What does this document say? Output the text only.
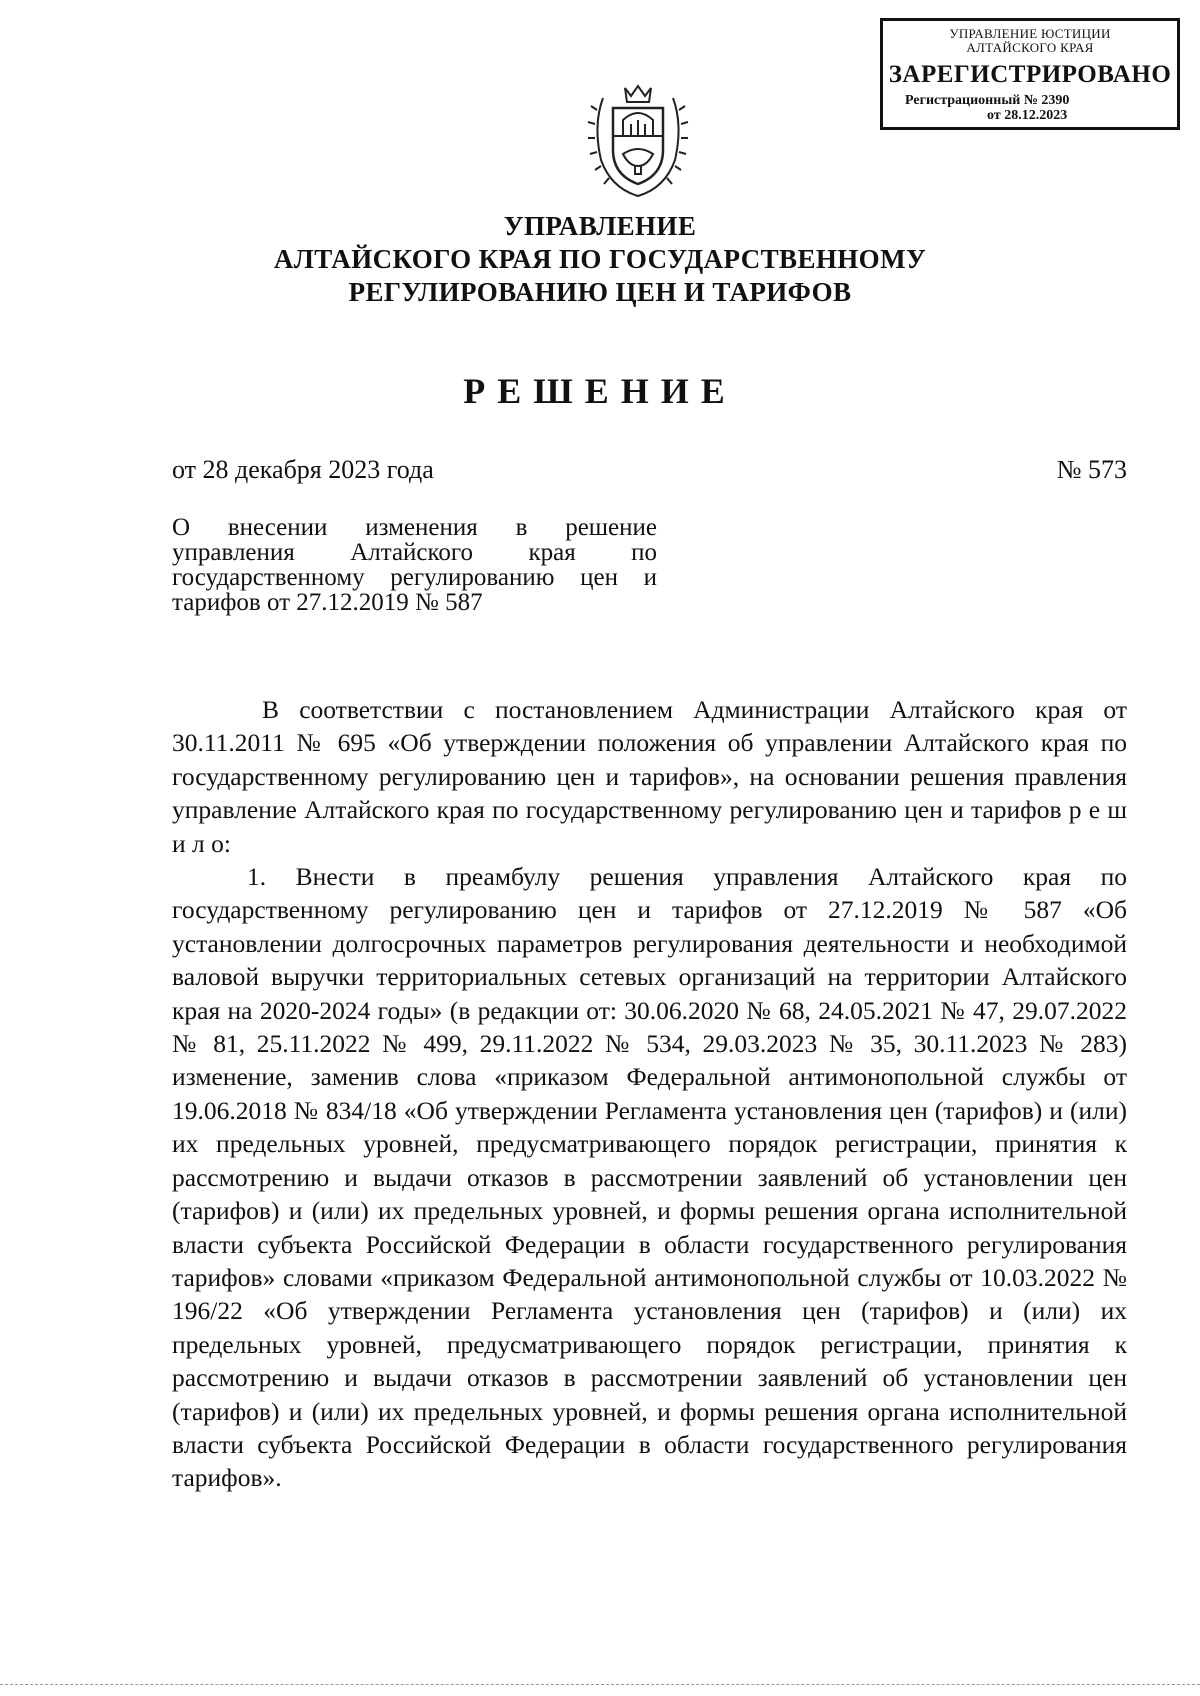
УПРАВЛЕНИЕ ЮСТИЦИИ
АЛТАЙСКОГО КРАЯ
ЗАРЕГИСТРИРОВАНО
Регистрационный № 2390
от 28.12.2023
УПРАВЛЕНИЕ
АЛТАЙСКОГО КРАЯ ПО ГОСУДАРСТВЕННОМУ
РЕГУЛИРОВАНИЮ ЦЕН И ТАРИФОВ
РЕШЕНИЕ
от 28 декабря 2023 года	№ 573
О внесении изменения в решение управления Алтайского края по государственному регулированию цен и тарифов от 27.12.2019 № 587

В соответствии с постановлением Администрации Алтайского края от 30.11.2011 № 695 «Об утверждении положения об управлении Алтайского края по государственному регулированию цен и тарифов», на основании решения правления управление Алтайского края по государственному регулированию цен и тарифов р е ш и л о:

1. Внести в преамбулу решения управления Алтайского края по государственному регулированию цен и тарифов от 27.12.2019 № 587 «Об установлении долгосрочных параметров регулирования деятельности и необходимой валовой выручки территориальных сетевых организаций на территории Алтайского края на 2020-2024 годы» (в редакции от: 30.06.2020 № 68, 24.05.2021 № 47, 29.07.2022 № 81, 25.11.2022 № 499, 29.11.2022 № 534, 29.03.2023 № 35, 30.11.2023 № 283) изменение, заменив слова «приказом Федеральной антимонопольной службы от 19.06.2018 № 834/18 «Об утверждении Регламента установления цен (тарифов) и (или) их предельных уровней, предусматривающего порядок регистрации, принятия к рассмотрению и выдачи отказов в рассмотрении заявлений об установлении цен (тарифов) и (или) их предельных уровней, и формы решения органа исполнительной власти субъекта Российской Федерации в области государственного регулирования тарифов» словами «приказом Федеральной антимонопольной службы от 10.03.2022 № 196/22 «Об утверждении Регламента установления цен (тарифов) и (или) их предельных уровней, предусматривающего порядок регистрации, принятия к рассмотрению и выдачи отказов в рассмотрении заявлений об установлении цен (тарифов) и (или) их предельных уровней, и формы решения органа исполнительной власти субъекта Российской Федерации в области государственного регулирования тарифов».
